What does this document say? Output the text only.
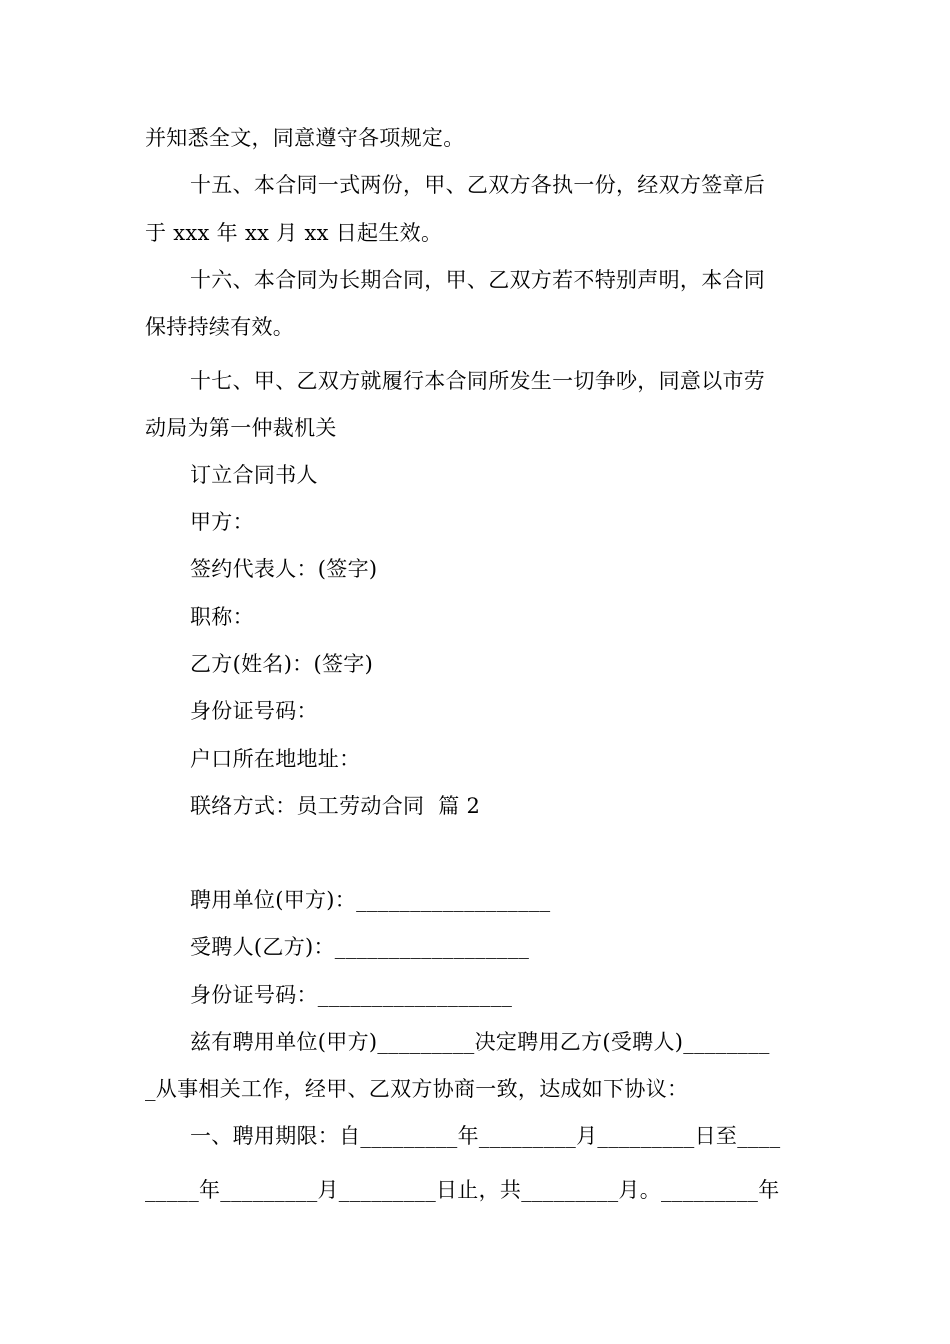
并知悉全文，同意遵守各项规定。
十五、本合同一式两份，甲、乙双方各执一份，经双方签章后
于 xxx 年 xx 月 xx 日起生效。
十六、本合同为长期合同，甲、乙双方若不特别声明，本合同
保持持续有效。
十七、甲、乙双方就履行本合同所发生一切争吵，同意以市劳
动局为第一仲裁机关
订立合同书人
甲方：
签约代表人：(签字)
职称：
乙方(姓名)：(签字)
身份证号码：
户口所在地地址：
联络方式：员工劳动合同  篇 2
聘用单位(甲方)：__________________
受聘人(乙方)：__________________
身份证号码：__________________
兹有聘用单位(甲方)_________决定聘用乙方(受聘人)________
_从事相关工作，经甲、乙双方协商一致，达成如下协议：
一、聘用期限：自_________年_________月_________日至____
_____年_________月_________日止，共_________月。_________年
